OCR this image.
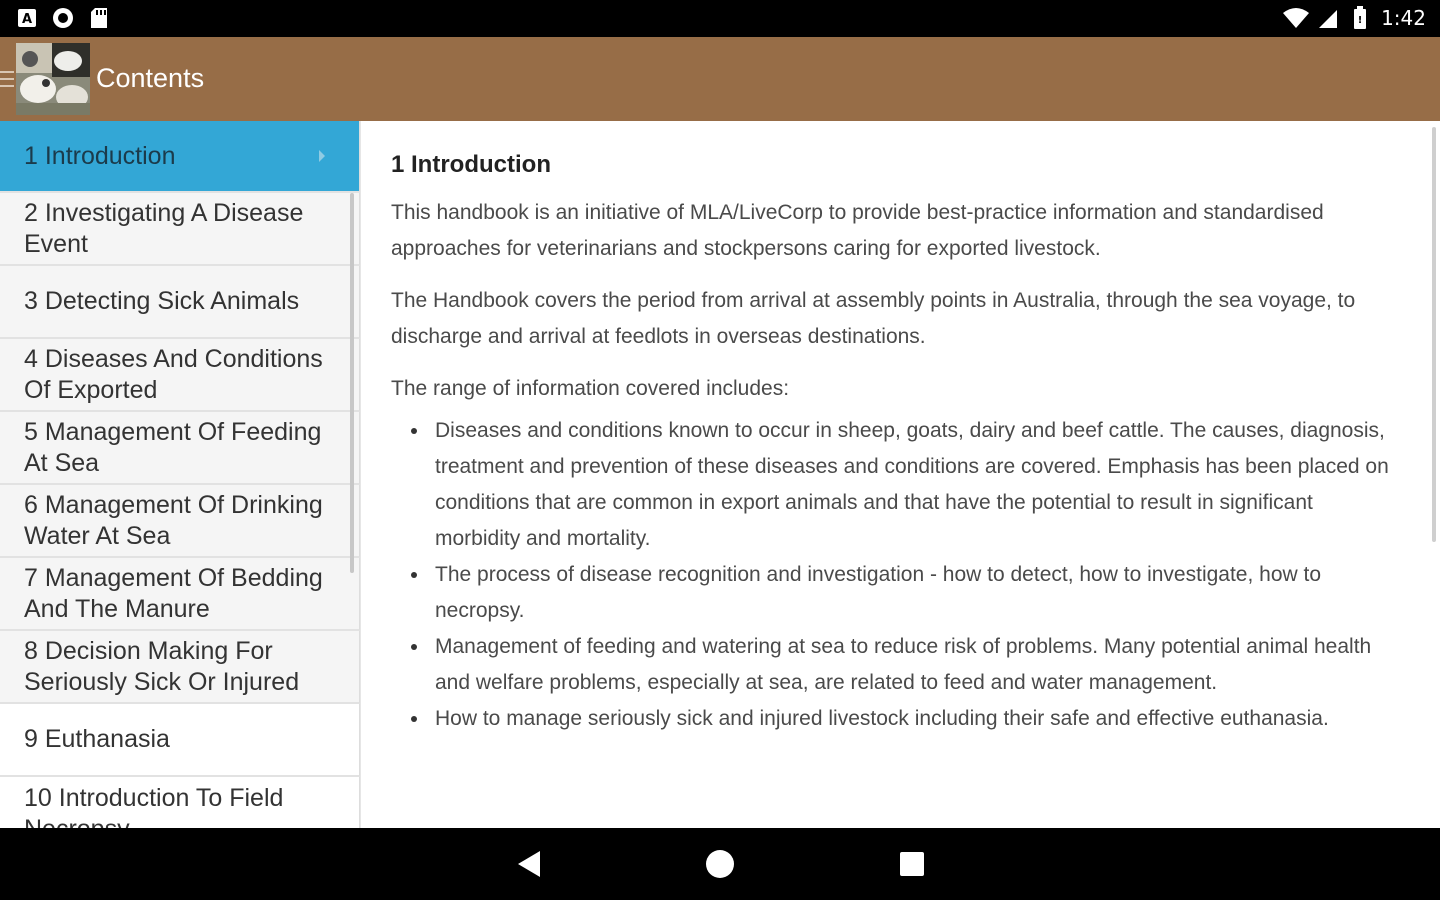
A	! 1:42
Contents
1 Introduction
2 Investigating A Disease Event
3 Detecting Sick Animals
4 Diseases And Conditions Of Exported
5 Management Of Feeding At Sea
6 Management Of Drinking Water At Sea
7 Management Of Bedding And The Manure
8 Decision Making For Seriously Sick Or Injured
9 Euthanasia
10 Introduction To Field
1 Introduction

This handbook is an initiative of MLA/LiveCorp to provide best-practice information and standardised approaches for veterinarians and stockpersons caring for exported livestock.

The Handbook covers the period from arrival at assembly points in Australia, through the sea voyage, to discharge and arrival at feedlots in overseas destinations.

The range of information covered includes:

Diseases and conditions known to occur in sheep, goats, dairy and beef cattle. The causes, diagnosis, treatment and prevention of these diseases and conditions are covered. Emphasis has been placed on conditions that are common in export animals and that have the potential to result in significant morbidity and mortality.
The process of disease recognition and investigation - how to detect, how to investigate, how to necropsy.
Management of feeding and watering at sea to reduce risk of problems. Many potential animal health and welfare problems, especially at sea, are related to feed and water management.
How to manage seriously sick and injured livestock including their safe and effective euthanasia.
